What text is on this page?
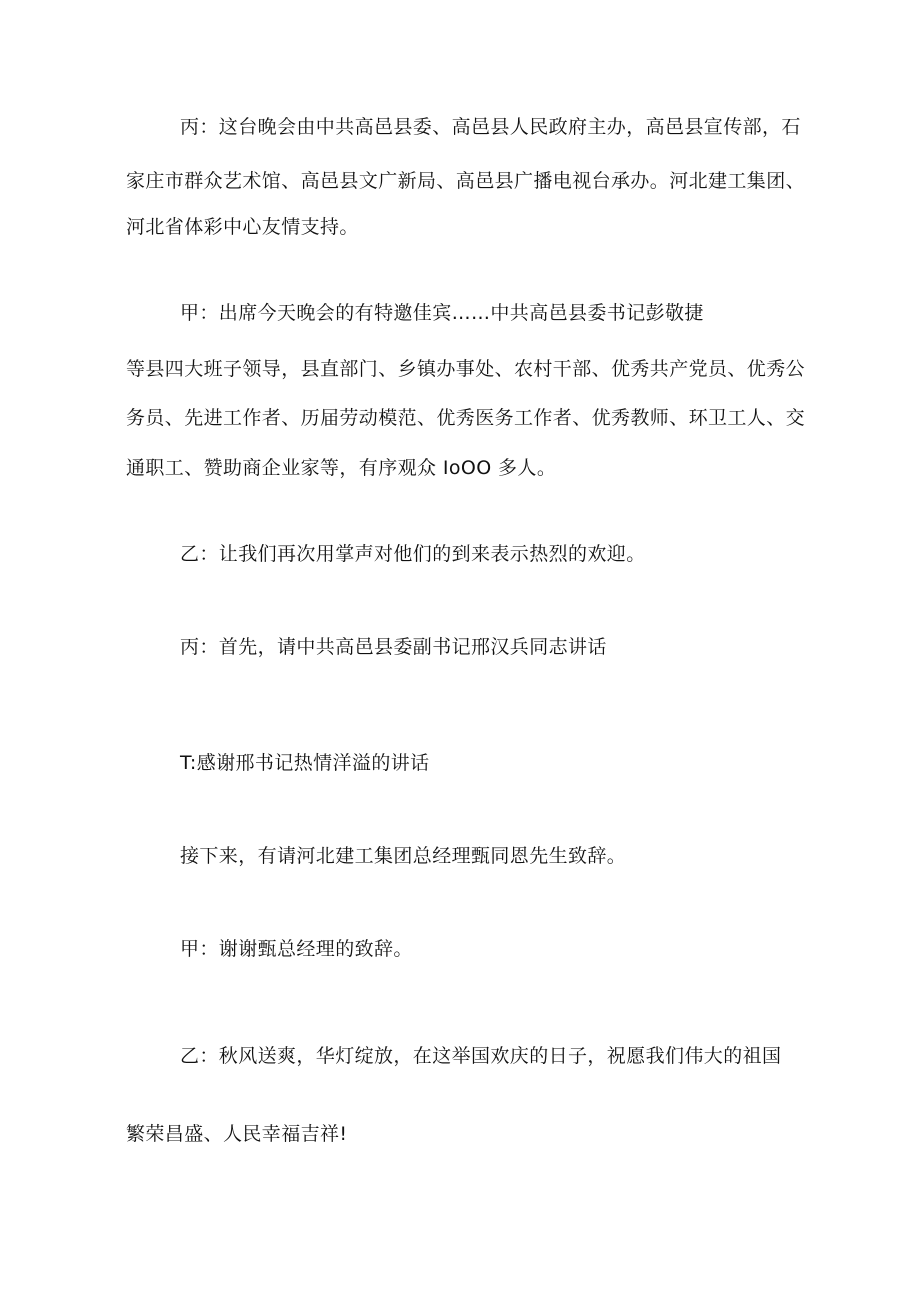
丙：这台晚会由中共高邑县委、高邑县人民政府主办，高邑县宣传部，石

家庄市群众艺术馆、高邑县文广新局、高邑县广播电视台承办。河北建工集团、

河北省体彩中心友情支持。

甲：出席今天晚会的有特邀佳宾……中共高邑县委书记彭敬捷

等县四大班子领导，县直部门、乡镇办事处、农村干部、优秀共产党员、优秀公

务员、先进工作者、历届劳动模范、优秀医务工作者、优秀教师、环卫工人、交

通职工、赞助商企业家等，有序观众 IoOO 多人。

乙：让我们再次用掌声对他们的到来表示热烈的欢迎。

丙：首先，请中共高邑县委副书记邢汉兵同志讲话

T:感谢邢书记热情洋溢的讲话

接下来，有请河北建工集团总经理甄同恩先生致辞。

甲：谢谢甄总经理的致辞。

乙：秋风送爽，华灯绽放，在这举国欢庆的日子，祝愿我们伟大的祖国

繁荣昌盛、人民幸福吉祥!
